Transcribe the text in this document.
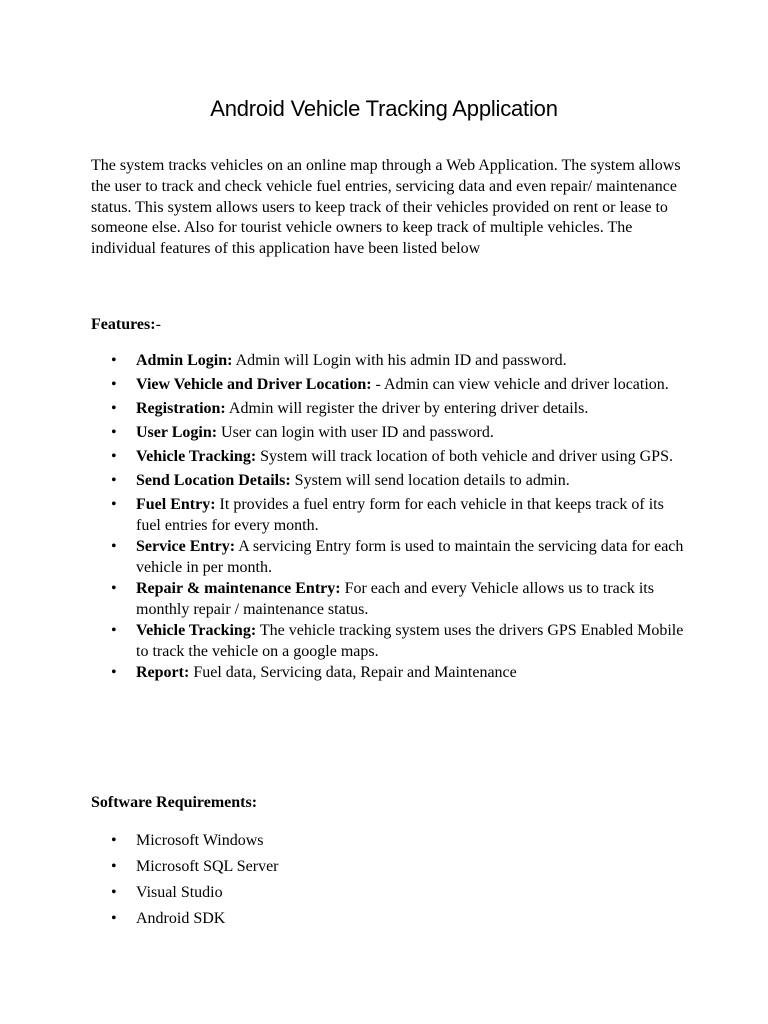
Android Vehicle Tracking Application

The system tracks vehicles on an online map through a Web Application. The system allows the user to track and check vehicle fuel entries, servicing data and even repair/ maintenance status. This system allows users to keep track of their vehicles provided on rent or lease to someone else. Also for tourist vehicle owners to keep track of multiple vehicles. The individual features of this application have been listed below

Features:-

• Admin Login: Admin will Login with his admin ID and password.
• View Vehicle and Driver Location: - Admin can view vehicle and driver location.
• Registration: Admin will register the driver by entering driver details.
• User Login: User can login with user ID and password.
• Vehicle Tracking: System will track location of both vehicle and driver using GPS.
• Send Location Details: System will send location details to admin.
• Fuel Entry: It provides a fuel entry form for each vehicle in that keeps track of its fuel entries for every month.
• Service Entry: A servicing Entry form is used to maintain the servicing data for each vehicle in per month.
• Repair & maintenance Entry: For each and every Vehicle allows us to track its monthly repair / maintenance status.
• Vehicle Tracking: The vehicle tracking system uses the drivers GPS Enabled Mobile to track the vehicle on a google maps.
• Report: Fuel data, Servicing data, Repair and Maintenance

Software Requirements:

• Microsoft Windows
• Microsoft SQL Server
• Visual Studio
• Android SDK
